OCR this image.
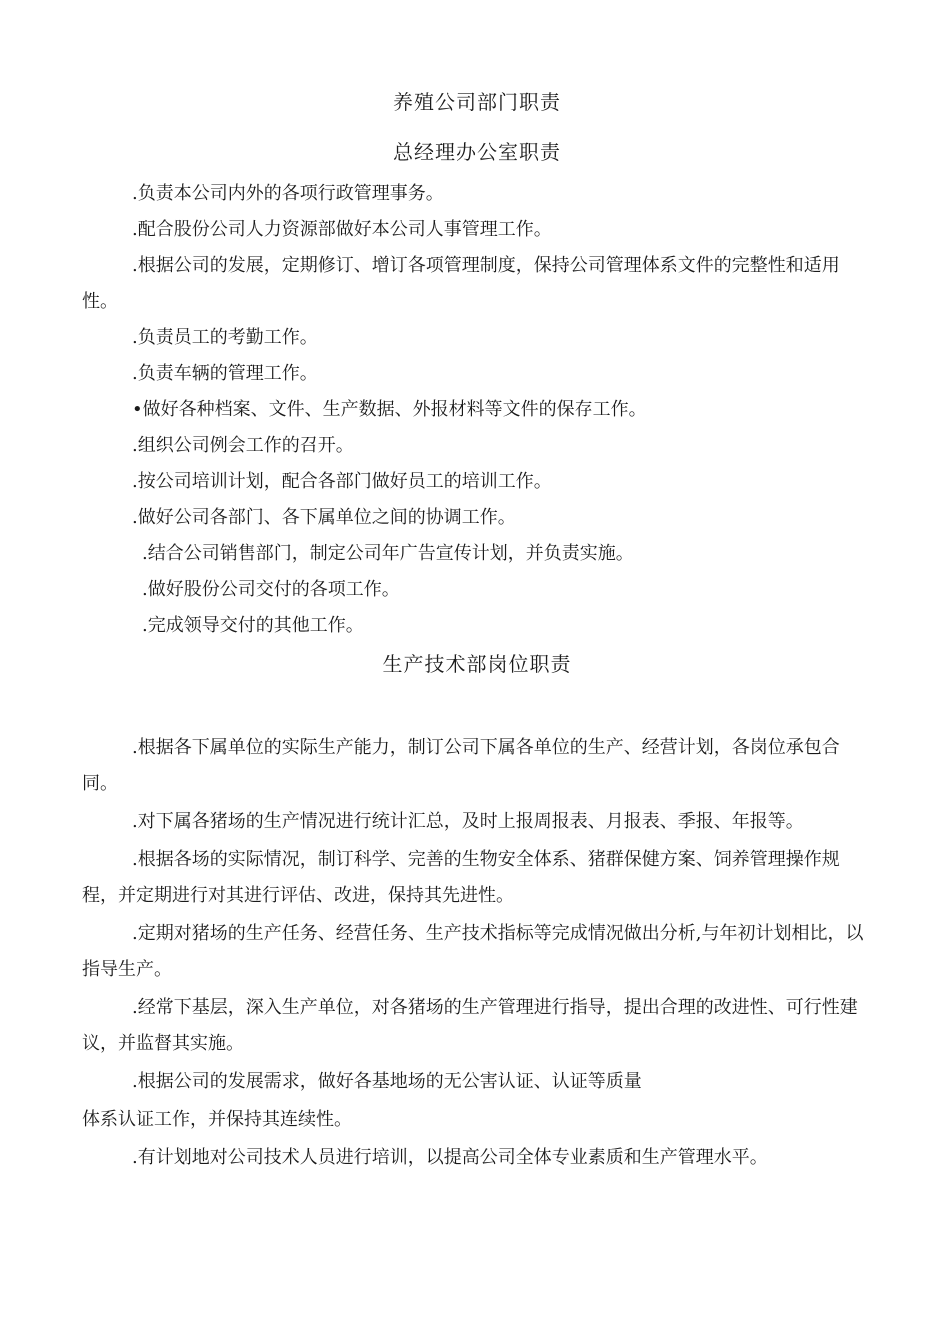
养殖公司部门职责
总经理办公室职责

.负责本公司内外的各项行政管理事务。

.配合股份公司人力资源部做好本公司人事管理工作。

.根据公司的发展，定期修订、增订各项管理制度，保持公司管理体系文件的完整性和适用性。

.负责员工的考勤工作。

.负责车辆的管理工作。

•做好各种档案、文件、生产数据、外报材料等文件的保存工作。

.组织公司例会工作的召开。

.按公司培训计划，配合各部门做好员工的培训工作。

.做好公司各部门、各下属单位之间的协调工作。

.结合公司销售部门，制定公司年广告宣传计划，并负责实施。

.做好股份公司交付的各项工作。

.完成领导交付的其他工作。

生产技术部岗位职责

.根据各下属单位的实际生产能力，制订公司下属各单位的生产、经营计划，各岗位承包合同。

.对下属各猪场的生产情况进行统计汇总，及时上报周报表、月报表、季报、年报等。

.根据各场的实际情况，制订科学、完善的生物安全体系、猪群保健方案、饲养管理操作规程，并定期进行对其进行评估、改进，保持其先进性。

.定期对猪场的生产任务、经营任务、生产技术指标等完成情况做出分析,与年初计划相比，以指导生产。

.经常下基层，深入生产单位，对各猪场的生产管理进行指导，提出合理的改进性、可行性建议，并监督其实施。

.根据公司的发展需求，做好各基地场的无公害认证、认证等质量

体系认证工作，并保持其连续性。

.有计划地对公司技术人员进行培训，以提高公司全体专业素质和生产管理水平。
